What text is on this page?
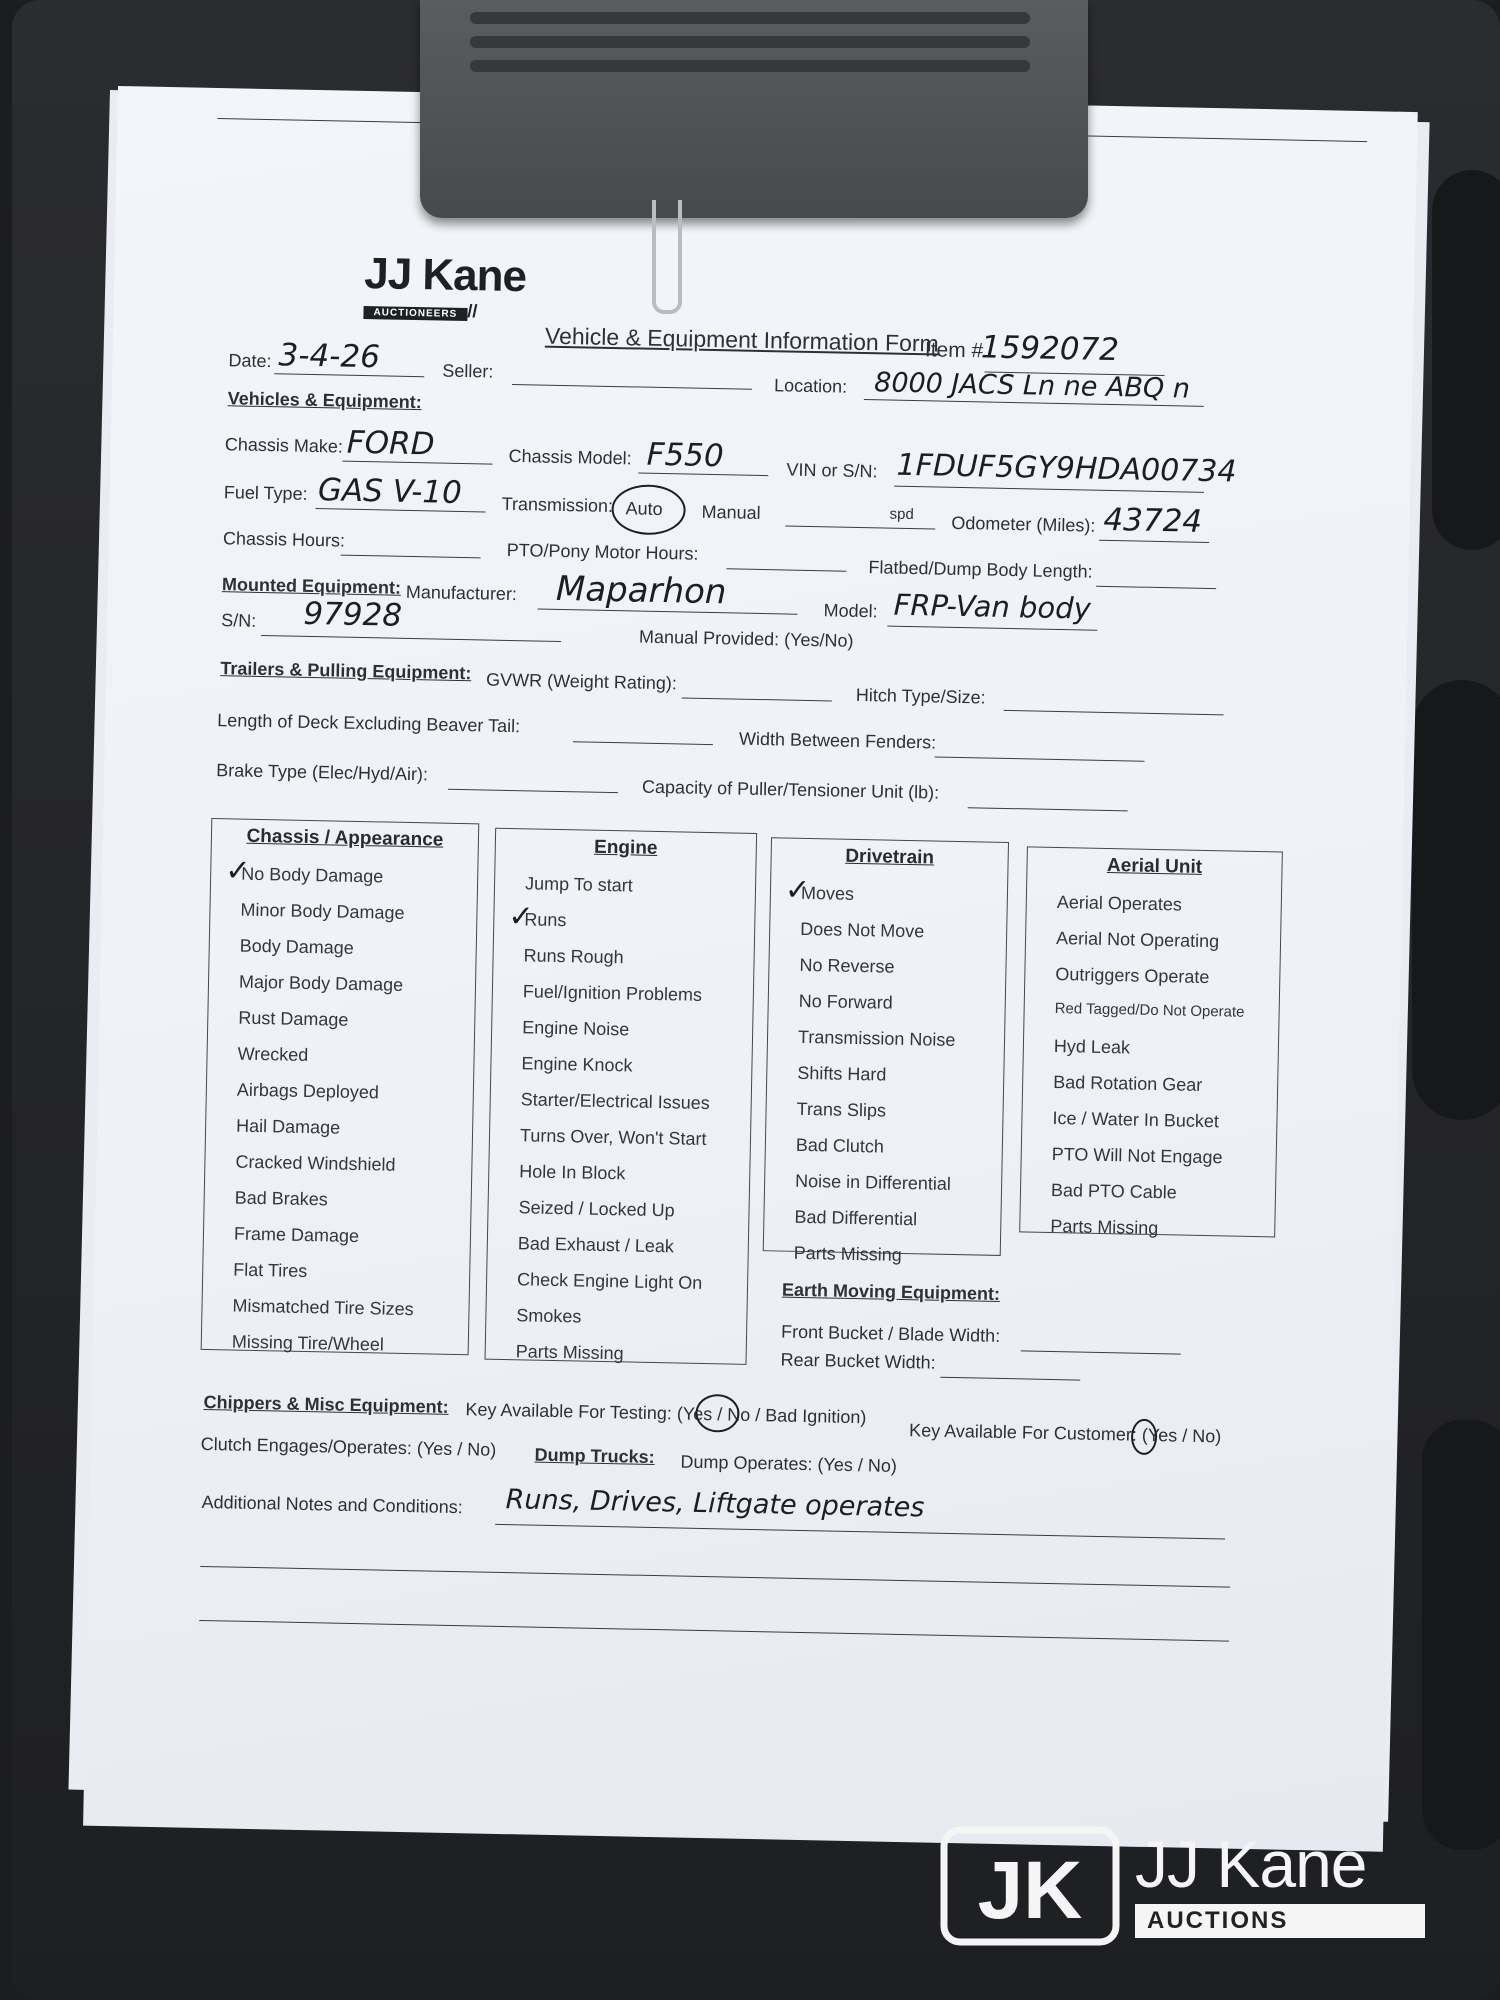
JJ Kane
AUCTIONEERS //
Vehicle & Equipment Information Form
Item #
1592072
Date: 3-4-26	Seller:
Location: 8000 JACS Ln ne ABQ n
Vehicles & Equipment:
Chassis Make: FORD	Chassis Model: F550	VIN or S/N: 1FDUF5GY9HDA00734
Fuel Type: GAS V-10 Transmission: Auto Manual	spd Odometer (Miles): 43724
Chassis Hours:
PTO/Pony Motor Hours:
Flatbed/Dump Body Length:
Mounted Equipment: Manufacturer: Maparhon	Model: FRP-Van body
S/N: 97928
Manual Provided: (Yes/No)
Trailers & Pulling Equipment: GVWR (Weight Rating):
Hitch Type/Size:
Length of Deck Excluding Beaver Tail:
Width Between Fenders:
Brake Type (Elec/Hyd/Air):
Capacity of Puller/Tensioner Unit (lb):
Chassis / Appearance
No Body Damage
✓
Minor Body Damage
Body Damage
Major Body Damage
Rust Damage
Wrecked
Airbags Deployed
Hail Damage
Cracked Windshield
Bad Brakes
Frame Damage
Flat Tires
Mismatched Tire Sizes
Missing Tire/Wheel
Engine
Jump To start
Runs
✓
Runs Rough
Fuel/Ignition Problems
Engine Noise
Engine Knock
Starter/Electrical Issues
Turns Over, Won't Start
Hole In Block
Seized / Locked Up
Bad Exhaust / Leak
Check Engine Light On
Smokes
Parts Missing
Drivetrain
Moves
✓
Does Not Move
No Reverse
No Forward
Transmission Noise
Shifts Hard
Trans Slips
Bad Clutch
Noise in Differential
Bad Differential
Parts Missing
Aerial Unit
Aerial Operates
Aerial Not Operating
Outriggers Operate
Red Tagged/Do Not Operate
Hyd Leak
Bad Rotation Gear
Ice / Water In Bucket
PTO Will Not Engage
Bad PTO Cable
Parts Missing
Earth Moving Equipment:
Front Bucket / Blade Width:
Rear Bucket Width:
Chippers & Misc Equipment: Key Available For Testing: (Yes / No / Bad Ignition)
Key Available For Customer: (Yes / No)
Clutch Engages/Operates: (Yes / No) Dump Trucks: Dump Operates: (Yes / No)
Additional Notes and Conditions: Runs, Drives, Liftgate operates
JK JJ Kane
AUCTIONS
